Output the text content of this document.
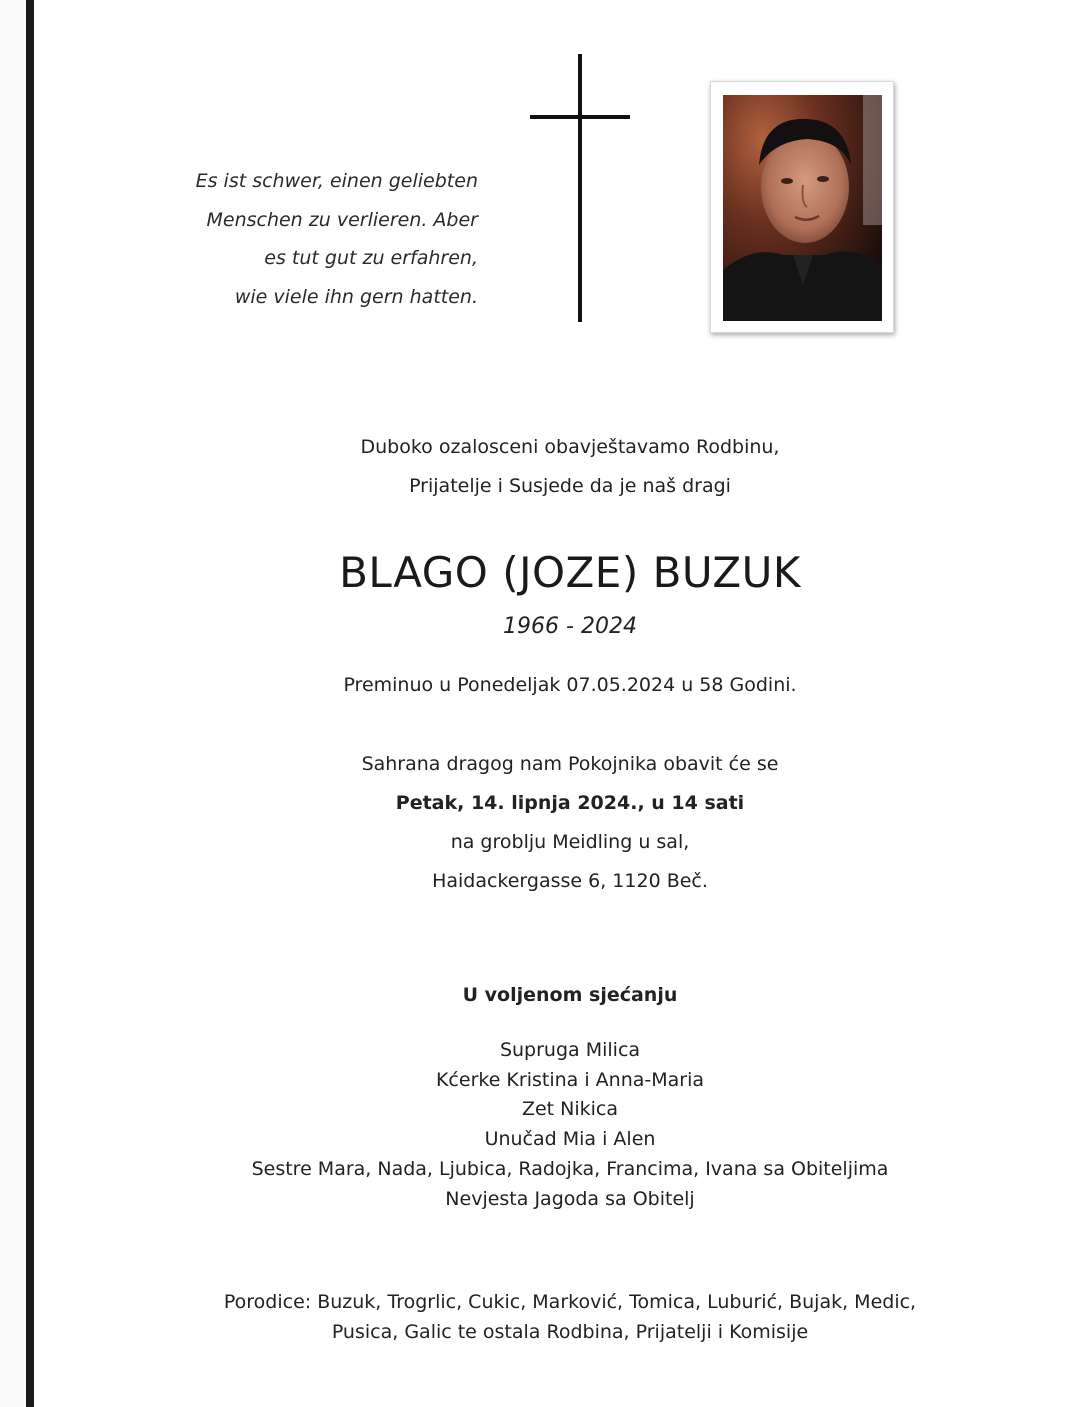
Es ist schwer, einen geliebten
Menschen zu verlieren. Aber
es tut gut zu erfahren,
wie viele ihn gern hatten.
Duboko ozalosceni obavještavamo Rodbinu,
Prijatelje i Susjede da je naš dragi
BLAGO (JOZE) BUZUK
1966 - 2024
Preminuo u Ponedeljak 07.05.2024 u 58 Godini.
Sahrana dragog nam Pokojnika obavit će se
Petak, 14. lipnja 2024., u 14 sati
na groblju Meidling u sal,
Haidackergasse 6, 1120 Beč.
U voljenom sjećanju
Supruga Milica
Kćerke Kristina i Anna-Maria
Zet Nikica
Unučad Mia i Alen
Sestre Mara, Nada, Ljubica, Radojka, Francima, Ivana sa Obiteljima
Nevjesta Jagoda sa Obitelj
Porodice: Buzuk, Trogrlic, Cukic, Marković, Tomica, Luburić, Bujak, Medic,
Pusica, Galic te ostala Rodbina, Prijatelji i Komisije
